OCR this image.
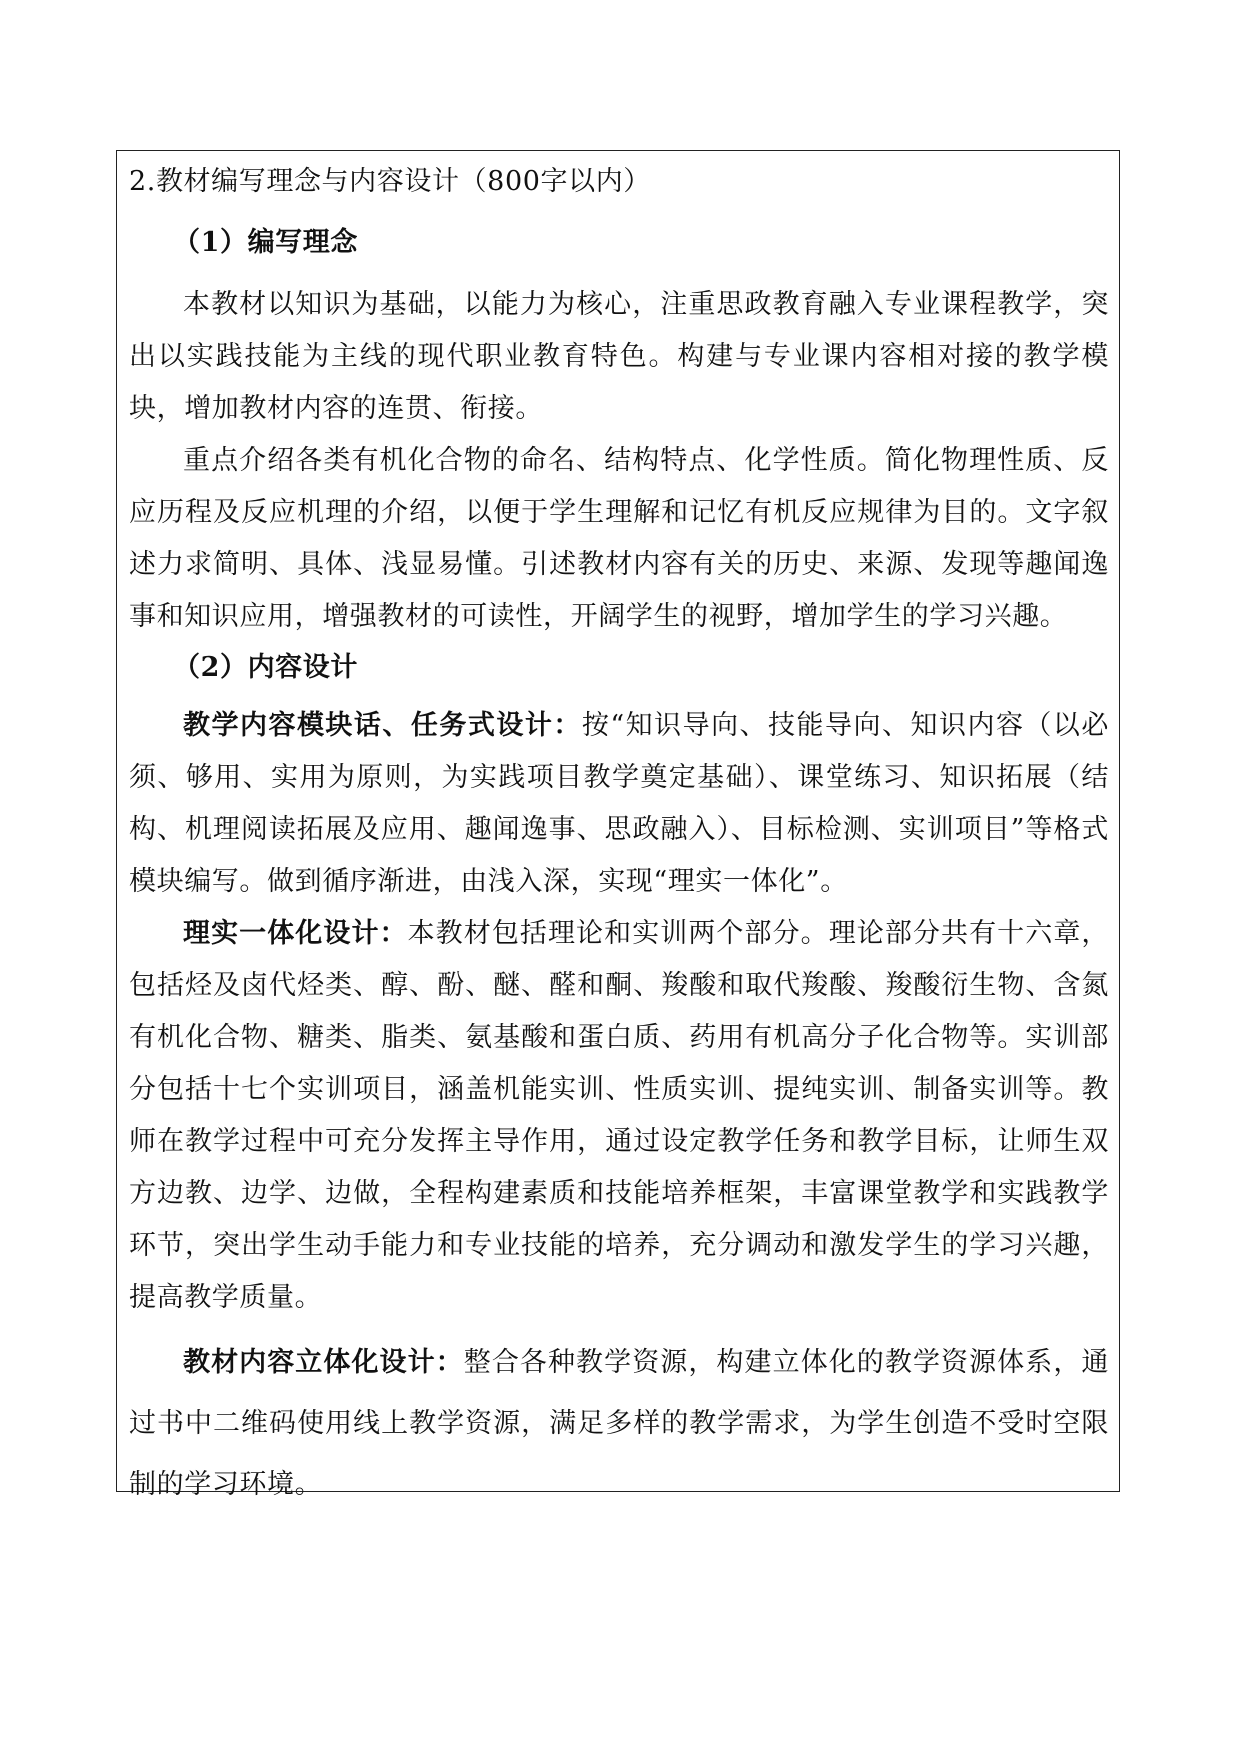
2.教材编写理念与内容设计（800字以内）
（1）编写理念

本教材以知识为基础，以能力为核心，注重思政教育融入专业课程教学，突出以实践技能为主线的现代职业教育特色。构建与专业课内容相对接的教学模块，增加教材内容的连贯、衔接。

重点介绍各类有机化合物的命名、结构特点、化学性质。简化物理性质、反应历程及反应机理的介绍，以便于学生理解和记忆有机反应规律为目的。文字叙述力求简明、具体、浅显易懂。引述教材内容有关的历史、来源、发现等趣闻逸事和知识应用，增强教材的可读性，开阔学生的视野，增加学生的学习兴趣。

（2）内容设计

教学内容模块话、任务式设计：按“知识导向、技能导向、知识内容（以必须、够用、实用为原则，为实践项目教学奠定基础）、课堂练习、知识拓展（结构、机理阅读拓展及应用、趣闻逸事、思政融入）、目标检测、实训项目”等格式模块编写。做到循序渐进，由浅入深，实现“理实一体化”。

理实一体化设计：本教材包括理论和实训两个部分。理论部分共有十六章，包括烃及卤代烃类、醇、酚、醚、醛和酮、羧酸和取代羧酸、羧酸衍生物、含氮有机化合物、糖类、脂类、氨基酸和蛋白质、药用有机高分子化合物等。实训部分包括十七个实训项目，涵盖机能实训、性质实训、提纯实训、制备实训等。教师在教学过程中可充分发挥主导作用，通过设定教学任务和教学目标，让师生双方边教、边学、边做，全程构建素质和技能培养框架，丰富课堂教学和实践教学环节，突出学生动手能力和专业技能的培养，充分调动和激发学生的学习兴趣，提高教学质量。

教材内容立体化设计：整合各种教学资源，构建立体化的教学资源体系，通过书中二维码使用线上教学资源，满足多样的教学需求，为学生创造不受时空限制的学习环境。
